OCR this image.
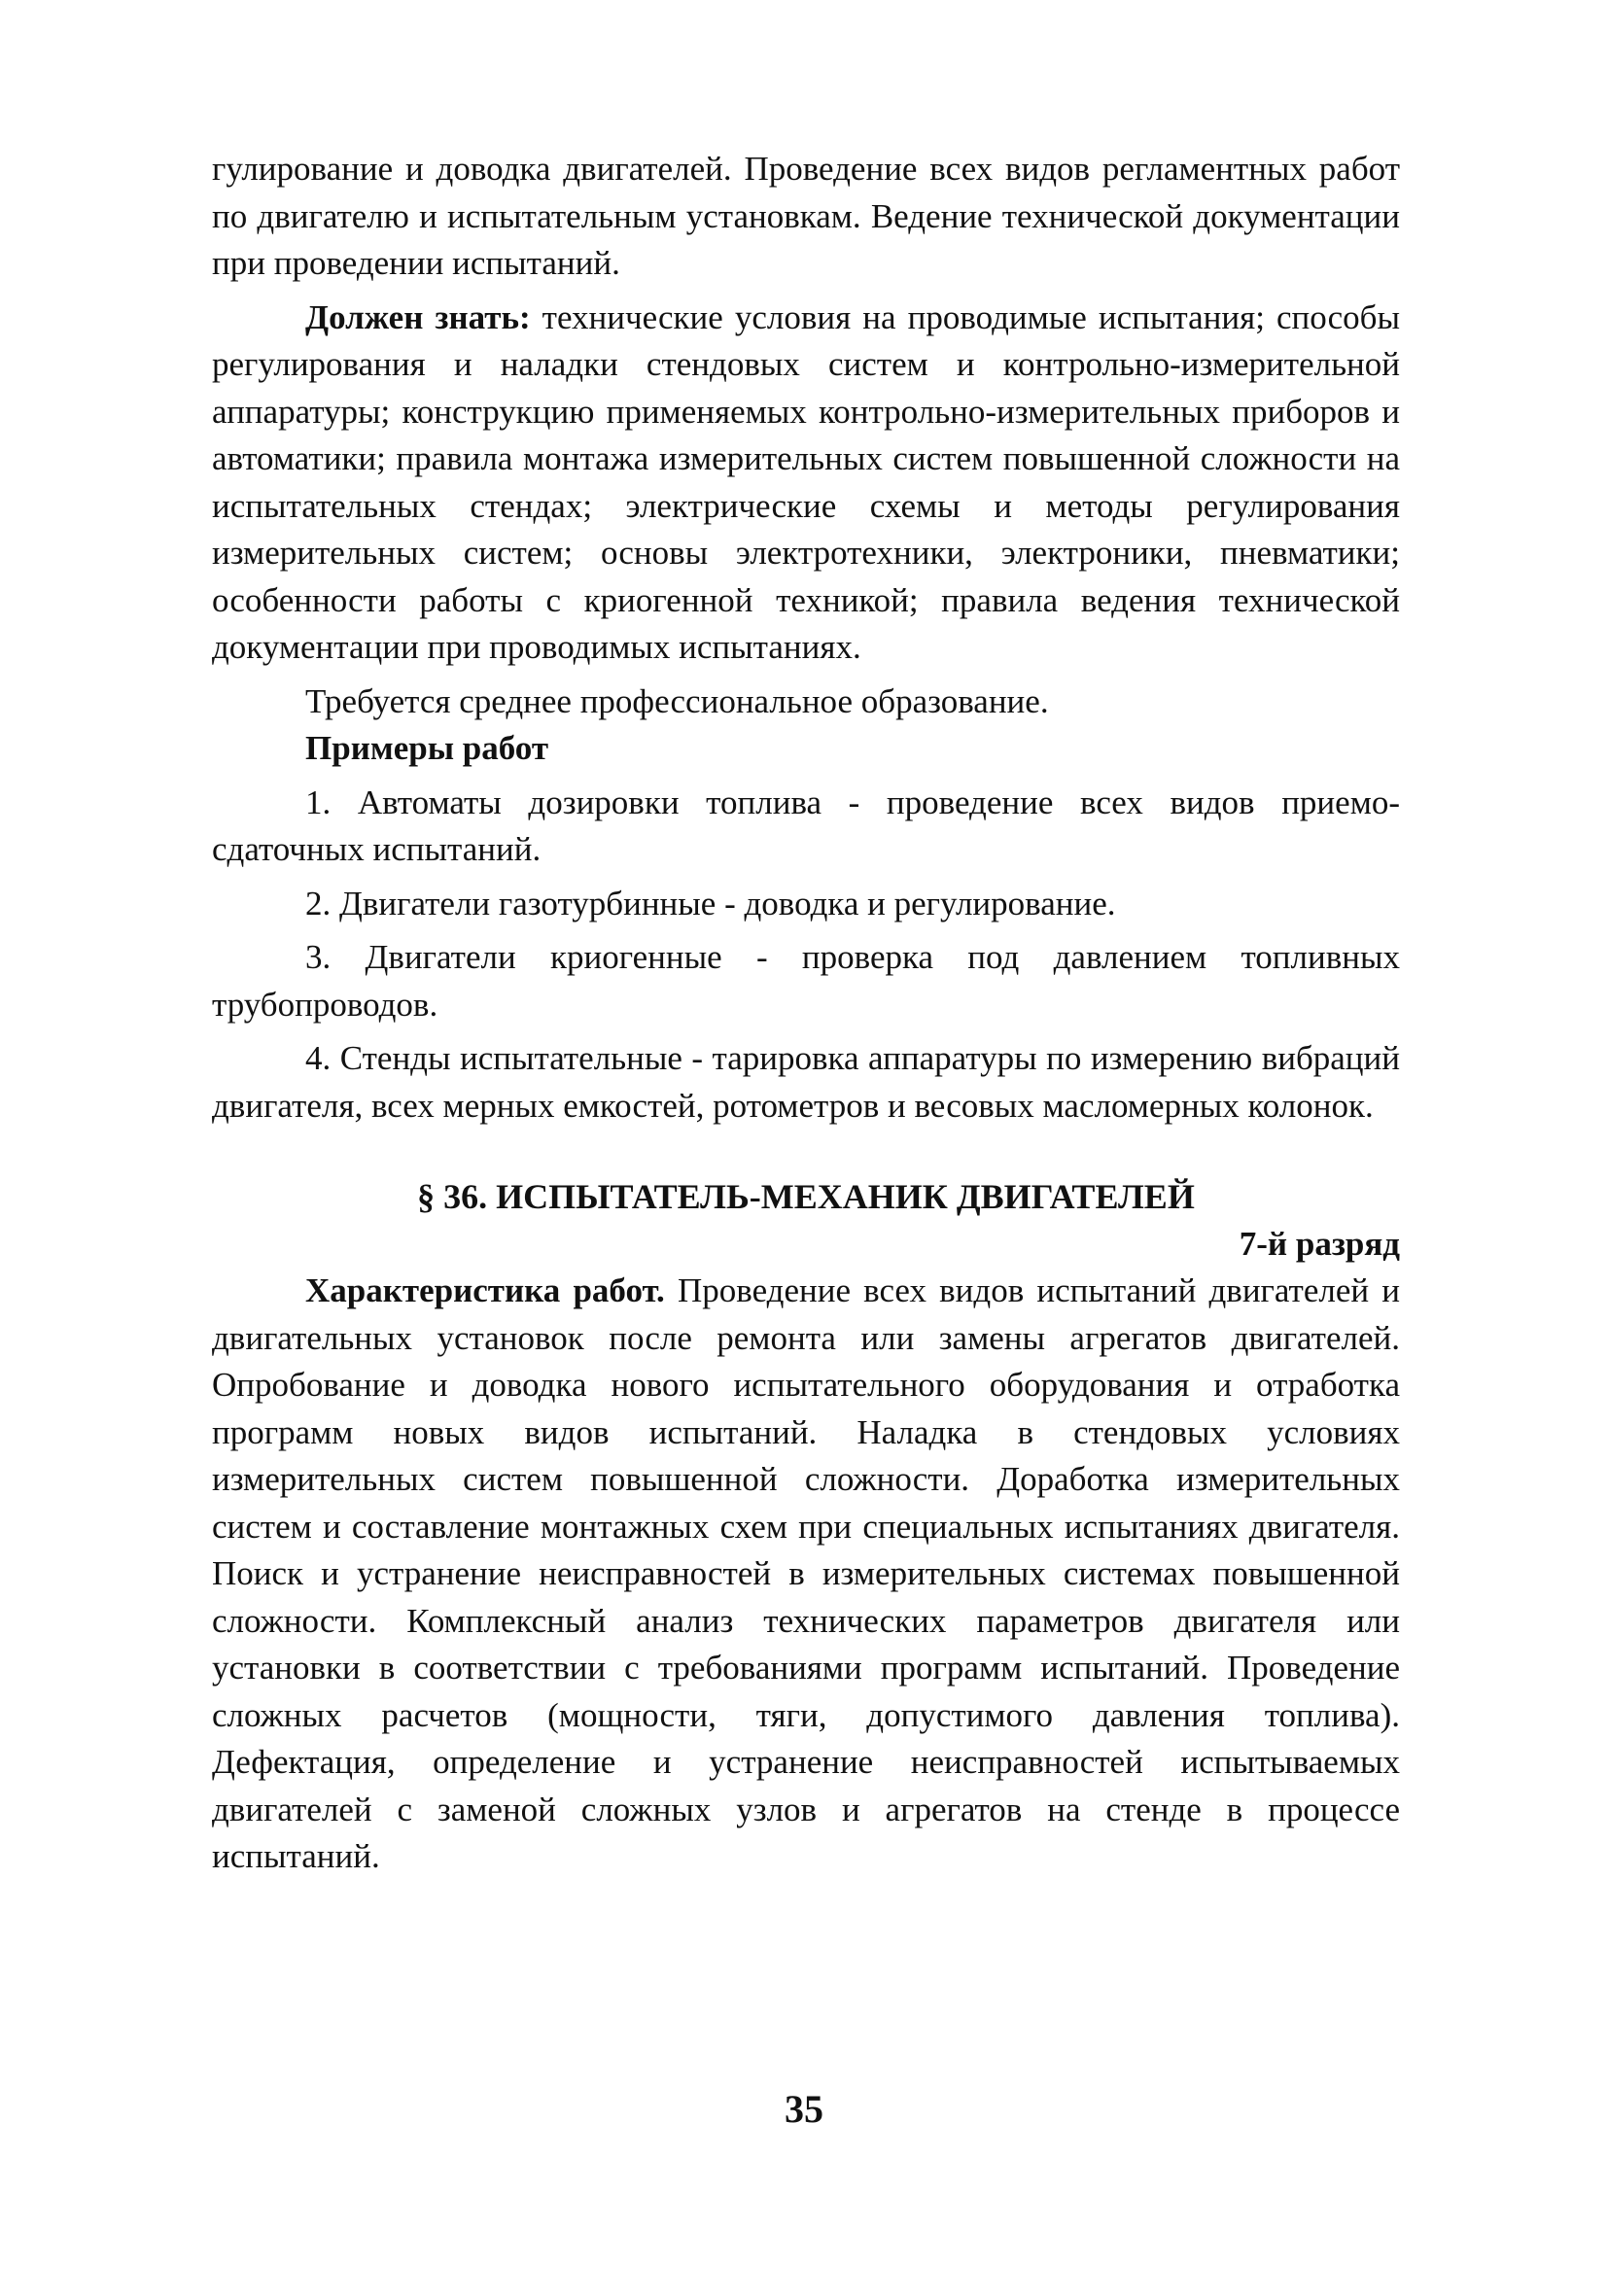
гулирование и доводка двигателей. Проведение всех видов регламентных работ по двигателю и испытательным установкам. Ведение технической документации при проведении испытаний.

Должен знать: технические условия на проводимые испытания; способы регулирования и наладки стендовых систем и контрольно-измерительной аппаратуры; конструкцию применяемых контрольно-измерительных приборов и автоматики; правила монтажа измерительных систем повышенной сложности на испытательных стендах; электрические схемы и методы регулирования измерительных систем; основы электротехники, электроники, пневматики; особенности работы с криогенной техникой; правила ведения технической документации при проводимых испытаниях.

Требуется среднее профессиональное образование.

Примеры работ

1. Автоматы дозировки топлива - проведение всех видов приемо-сдаточных испытаний.

2. Двигатели газотурбинные - доводка и регулирование.

3. Двигатели криогенные - проверка под давлением топливных трубопроводов.

4. Стенды испытательные - тарировка аппаратуры по измерению вибраций двигателя, всех мерных емкостей, ротометров и весовых масломерных колонок.

§ 36. ИСПЫТАТЕЛЬ-МЕХАНИК ДВИГАТЕЛЕЙ

7-й разряд

Характеристика работ. Проведение всех видов испытаний двигателей и двигательных установок после ремонта или замены агрегатов двигателей. Опробование и доводка нового испытательного оборудования и отработка программ новых видов испытаний. Наладка в стендовых условиях измерительных систем повышенной сложности. Доработка измерительных систем и составление монтажных схем при специальных испытаниях двигателя. Поиск и устранение неисправностей в измерительных системах повышенной сложности. Комплексный анализ технических параметров двигателя или установки в соответствии с требованиями программ испытаний. Проведение сложных расчетов (мощности, тяги, допустимого давления топлива). Дефектация, определение и устранение неисправностей испытываемых двигателей с заменой сложных узлов и агрегатов на стенде в процессе испытаний.

35
